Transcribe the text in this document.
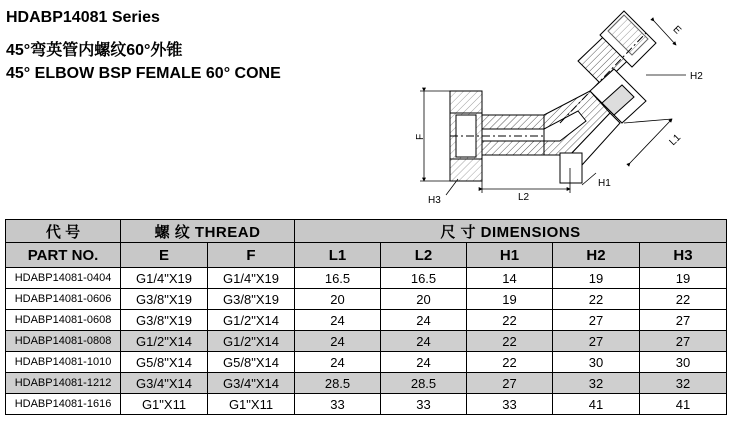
HDABP14081 Series
45°弯英管内螺纹60°外锥
45° ELBOW BSP FEMALE 60° CONE
F
L2
H3
H1
H2
L1
E
代 号	螺 纹 THREAD		尺 寸 DIMENSIONS				
PART NO.	E	F	L1	L2	H1	H2	H3
HDABP14081-0404	G1/4"X19	G1/4"X19	16.5	16.5	14	19	19
HDABP14081-0606	G3/8"X19	G3/8"X19	20	20	19	22	22
HDABP14081-0608	G3/8"X19	G1/2"X14	24	24	22	27	27
HDABP14081-0808	G1/2"X14	G1/2"X14	24	24	22	27	27
HDABP14081-1010	G5/8"X14	G5/8"X14	24	24	22	30	30
HDABP14081-1212	G3/4"X14	G3/4"X14	28.5	28.5	27	32	32
HDABP14081-1616	G1"X11	G1"X11	33	33	33	41	41
